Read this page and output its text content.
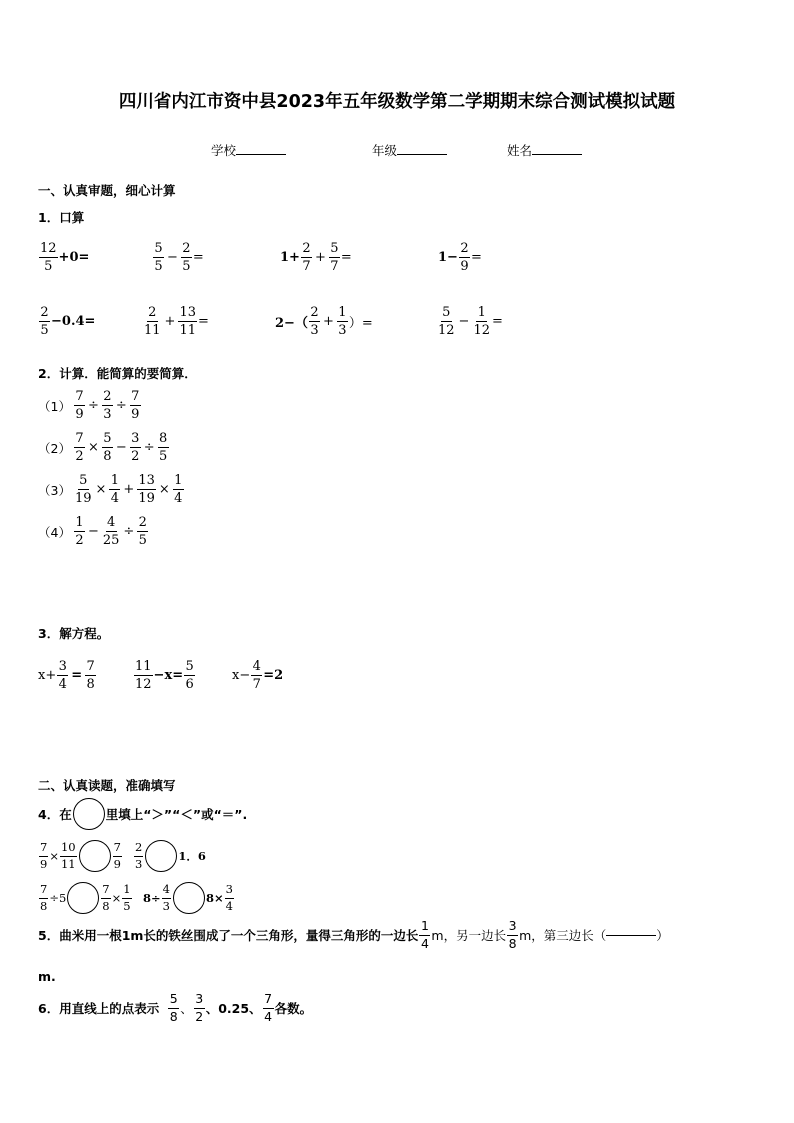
四川省内江市资中县2023年五年级数学第二学期期末综合测试模拟试题
学校	年级	姓名
一、认真审题，细心计算
1．口算
$\frac{12}{5} +0=$	$\frac{5}{5} - \frac{2}{5}$ =	$1+ \frac{2}{7} + \frac{5}{7}$ =	$1- \frac{2}{9}$ =
$\frac{2}{5} -0.4=$	$\frac{2}{11} + \frac{13}{11}$ =	$2-( \frac{2}{3} + \frac{1}{3}$ ）=	$\frac{5}{12} - \frac{1}{12}$ =
2．计算．能简算的要简算．
$(1) \frac{7}{9} \div \frac{2}{3} \div \frac{7}{9}$
$(2) \frac{7}{2} \times \frac{5}{8} - \frac{3}{2} \div \frac{8}{5}$
$(3) \frac{5}{19} \times \frac{1}{4} + \frac{13}{19} \times \frac{1}{4}$
$(4) \frac{1}{2} - \frac{4}{25} \div \frac{2}{5}$
3．解方程。
$x+ \frac{3}{4} = \frac{7}{8}$	$\frac{11}{12} -x= \frac{5}{6}$	$x- \frac{4}{7} =2$
二、认真读题，准确填写
4．在	里填上“＞”“＜”或“＝”.
$\frac{7}{9} \times \frac{10}{11}$	$\frac{7}{9} \frac{2}{3}$	1．6
$\frac{7}{8} \div 5$	$\frac{7}{8} \times \frac{1}{5} 8\div \frac{4}{3}$	$8\times \frac{3}{4}$
5．曲米用一根1m长的铁丝围成了一个三角形，量得三角形的一边长 $\frac{1}{4}$ m，另一边长 $\frac{3}{8}$ m，第三边长（	）
m.
6．用直线上的点表示 $\frac{5}{8}$ 、 $\frac{3}{2}$ 、0.25、 $\frac{7}{4}$ 各数。
